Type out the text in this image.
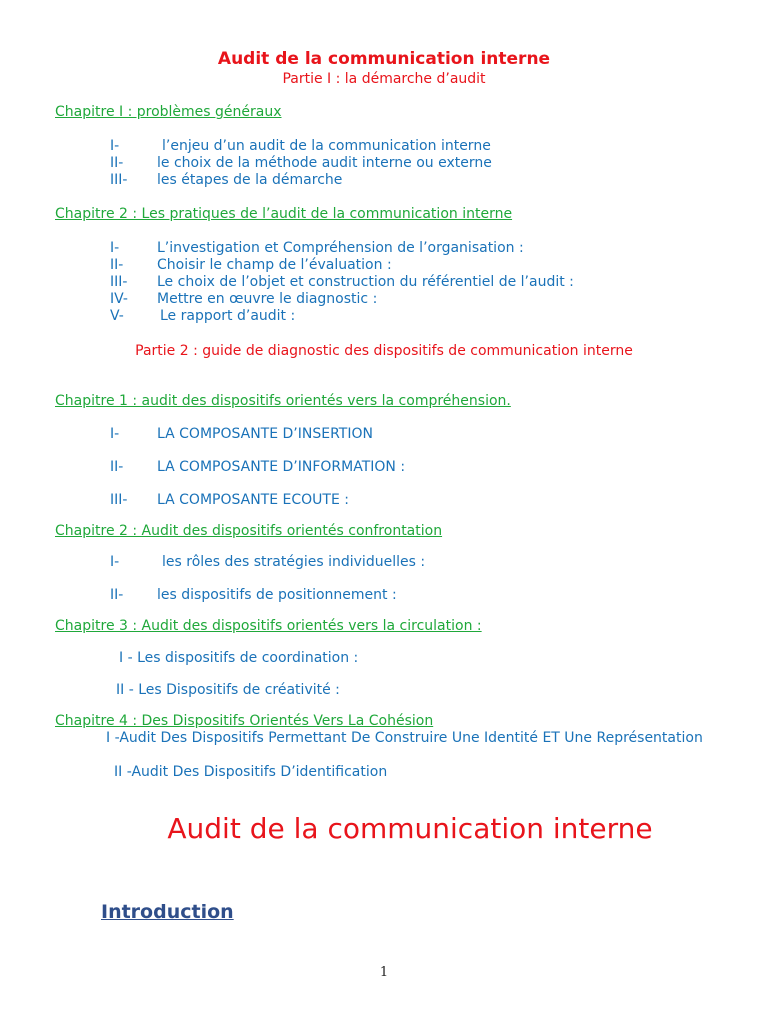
Audit de la communication interne
Partie I : la démarche d’audit
Chapitre I : problèmes généraux
I-	l’enjeu d’un audit de la communication interne
II- le choix de la méthode audit interne ou externe
III- les étapes de la démarche
Chapitre 2 : Les pratiques de l’audit de la communication interne
I-	L’investigation et Compréhension de l’organisation :
II- Choisir le champ de l’évaluation :
III- Le choix de l’objet et construction du référentiel de l’audit :
IV- Mettre en œuvre le diagnostic :
V-	Le rapport d’audit :
Partie 2 : guide de diagnostic des dispositifs de communication interne
Chapitre 1 : audit des dispositifs orientés vers la compréhension.
I-	LA COMPOSANTE D’INSERTION
II- LA COMPOSANTE D’INFORMATION :
III- LA COMPOSANTE ECOUTE :
Chapitre 2 : Audit des dispositifs orientés confrontation
I-	les rôles des stratégies individuelles :
II- les dispositifs de positionnement :
Chapitre 3 : Audit des dispositifs orientés vers la circulation :
I - Les dispositifs de coordination :
II - Les Dispositifs de créativité :
Chapitre 4 : Des Dispositifs Orientés Vers La Cohésion
I -Audit Des Dispositifs Permettant De Construire Une Identité ET Une Représentation
II -Audit Des Dispositifs D’identification
Audit de la communication interne
Introduction
1
